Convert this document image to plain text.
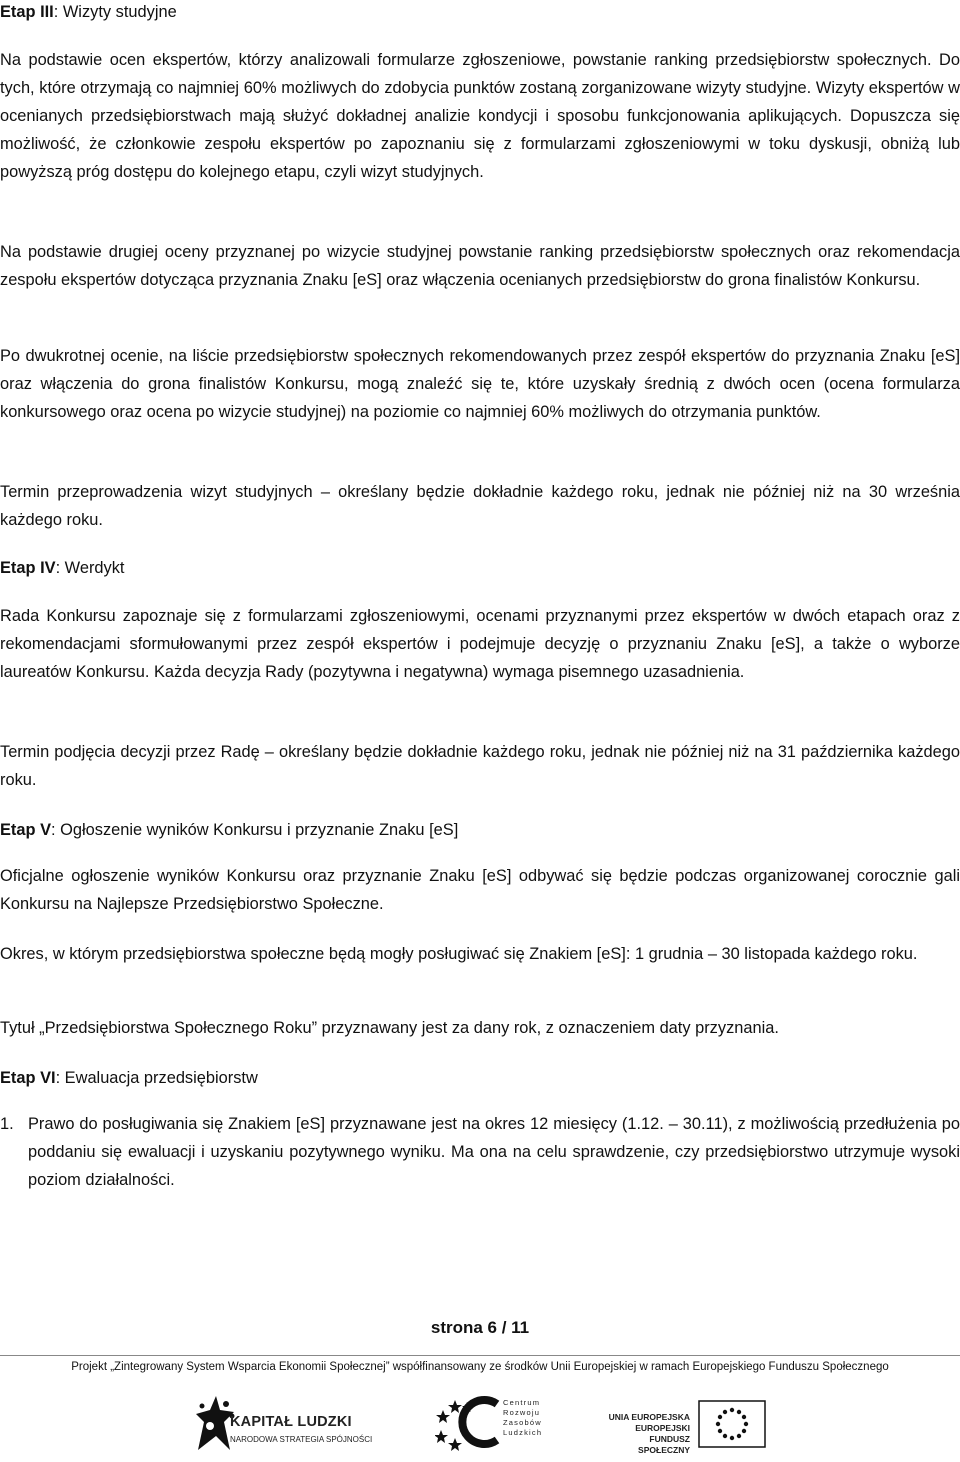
Etap III: Wizyty studyjne

Na podstawie ocen ekspertów, którzy analizowali formularze zgłoszeniowe, powstanie ranking przedsiębiorstw społecznych. Do tych, które otrzymają co najmniej 60% możliwych do zdobycia punktów zostaną zorganizowane wizyty studyjne. Wizyty ekspertów w ocenianych przedsiębiorstwach mają służyć dokładnej analizie kondycji i sposobu funkcjonowania aplikujących. Dopuszcza się możliwość, że członkowie zespołu ekspertów po zapoznaniu się z formularzami zgłoszeniowymi w toku dyskusji, obniżą lub powyższą próg dostępu do kolejnego etapu, czyli wizyt studyjnych.

Na podstawie drugiej oceny przyznanej po wizycie studyjnej powstanie ranking przedsiębiorstw społecznych oraz rekomendacja zespołu ekspertów dotycząca przyznania Znaku [eS] oraz włączenia ocenianych przedsiębiorstw do grona finalistów Konkursu.

Po dwukrotnej ocenie, na liście przedsiębiorstw społecznych rekomendowanych przez zespół ekspertów do przyznania Znaku [eS] oraz włączenia do grona finalistów Konkursu, mogą znaleźć się te, które uzyskały średnią z dwóch ocen (ocena formularza konkursowego oraz ocena po wizycie studyjnej) na poziomie co najmniej 60% możliwych do otrzymania punktów.

Termin przeprowadzenia wizyt studyjnych – określany będzie dokładnie każdego roku, jednak nie później niż na 30 września każdego roku.

Etap IV: Werdykt

Rada Konkursu zapoznaje się z formularzami zgłoszeniowymi, ocenami przyznanymi przez ekspertów w dwóch etapach oraz z rekomendacjami sformułowanymi przez zespół ekspertów i podejmuje decyzję o przyznaniu Znaku [eS], a także o wyborze laureatów Konkursu. Każda decyzja Rady (pozytywna i negatywna) wymaga pisemnego uzasadnienia.

Termin podjęcia decyzji przez Radę – określany będzie dokładnie każdego roku, jednak nie później niż na 31 października każdego roku.

Etap V: Ogłoszenie wyników Konkursu i przyznanie Znaku [eS]

Oficjalne ogłoszenie wyników Konkursu oraz przyznanie Znaku [eS] odbywać się będzie podczas organizowanej corocznie gali Konkursu na Najlepsze Przedsiębiorstwo Społeczne.

Okres, w którym przedsiębiorstwa społeczne będą mogły posługiwać się Znakiem [eS]: 1 grudnia – 30 listopada każdego roku.

Tytuł „Przedsiębiorstwa Społecznego Roku” przyznawany jest za dany rok, z oznaczeniem daty przyznania.

Etap VI: Ewaluacja przedsiębiorstw
1. Prawo do posługiwania się Znakiem [eS] przyznawane jest na okres 12 miesięcy (1.12. – 30.11), z możliwością przedłużenia po poddaniu się ewaluacji i uzyskaniu pozytywnego wyniku. Ma ona na celu sprawdzenie, czy przedsiębiorstwo utrzymuje wysoki poziom działalności.
strona 6 / 11
Projekt „Zintegrowany System Wsparcia Ekonomii Społecznej” współfinansowany ze środków Unii Europejskiej w ramach Europejskiego Funduszu Społecznego
KAPITAŁ LUDZKI
NARODOWA STRATEGIA SPÓJNOŚCI
Centrum
Rozwoju
Zasobów
Ludzkich
UNIA EUROPEJSKA
EUROPEJSKI
FUNDUSZ SPOŁECZNY
